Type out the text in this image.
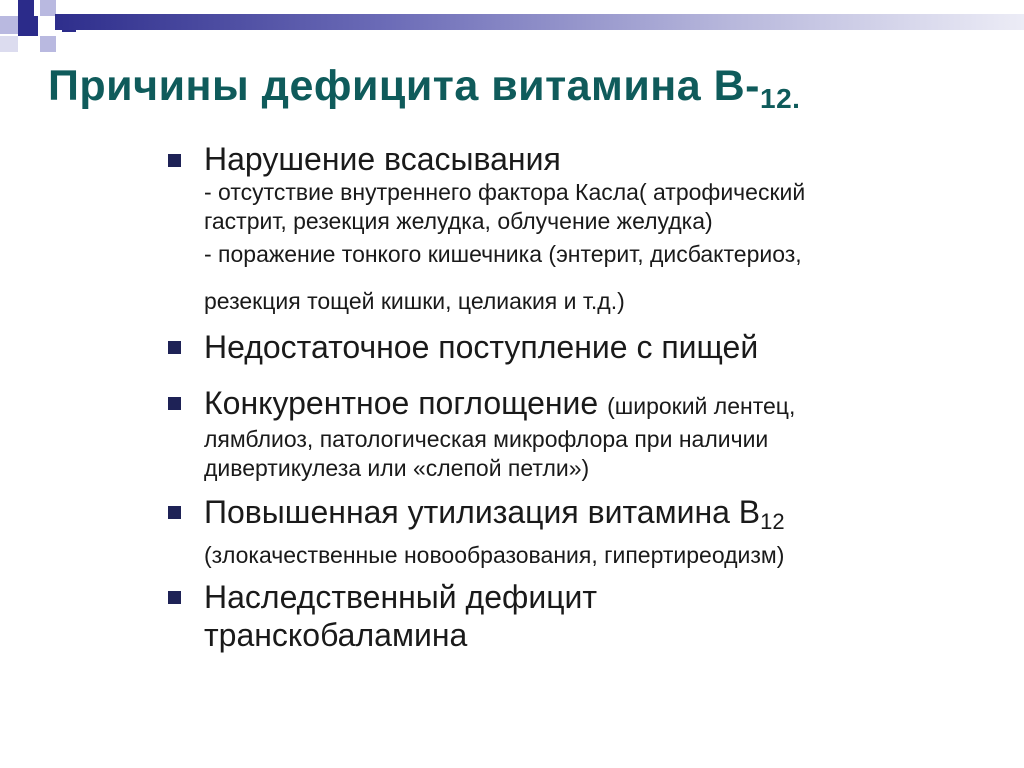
Причины дефицита витамина $В-_{12.}$
Нарушение всасывания
- отсутствие внутреннего фактора Касла( атрофический
гастрит, резекция желудка, облучение желудка)
- поражение тонкого кишечника (энтерит, дисбактериоз,
резекция тощей кишки, целиакия и т.д.)
Недостаточное поступление с пищей
Конкурентное поглощение (широкий лентец,
лямблиоз, патологическая микрофлора при наличии
дивертикулеза или «слепой петли»)
Повышенная утилизация витамина В12
(злокачественные новообразования, гипертиреодизм)
Наследственный дефицит
транскобаламина
